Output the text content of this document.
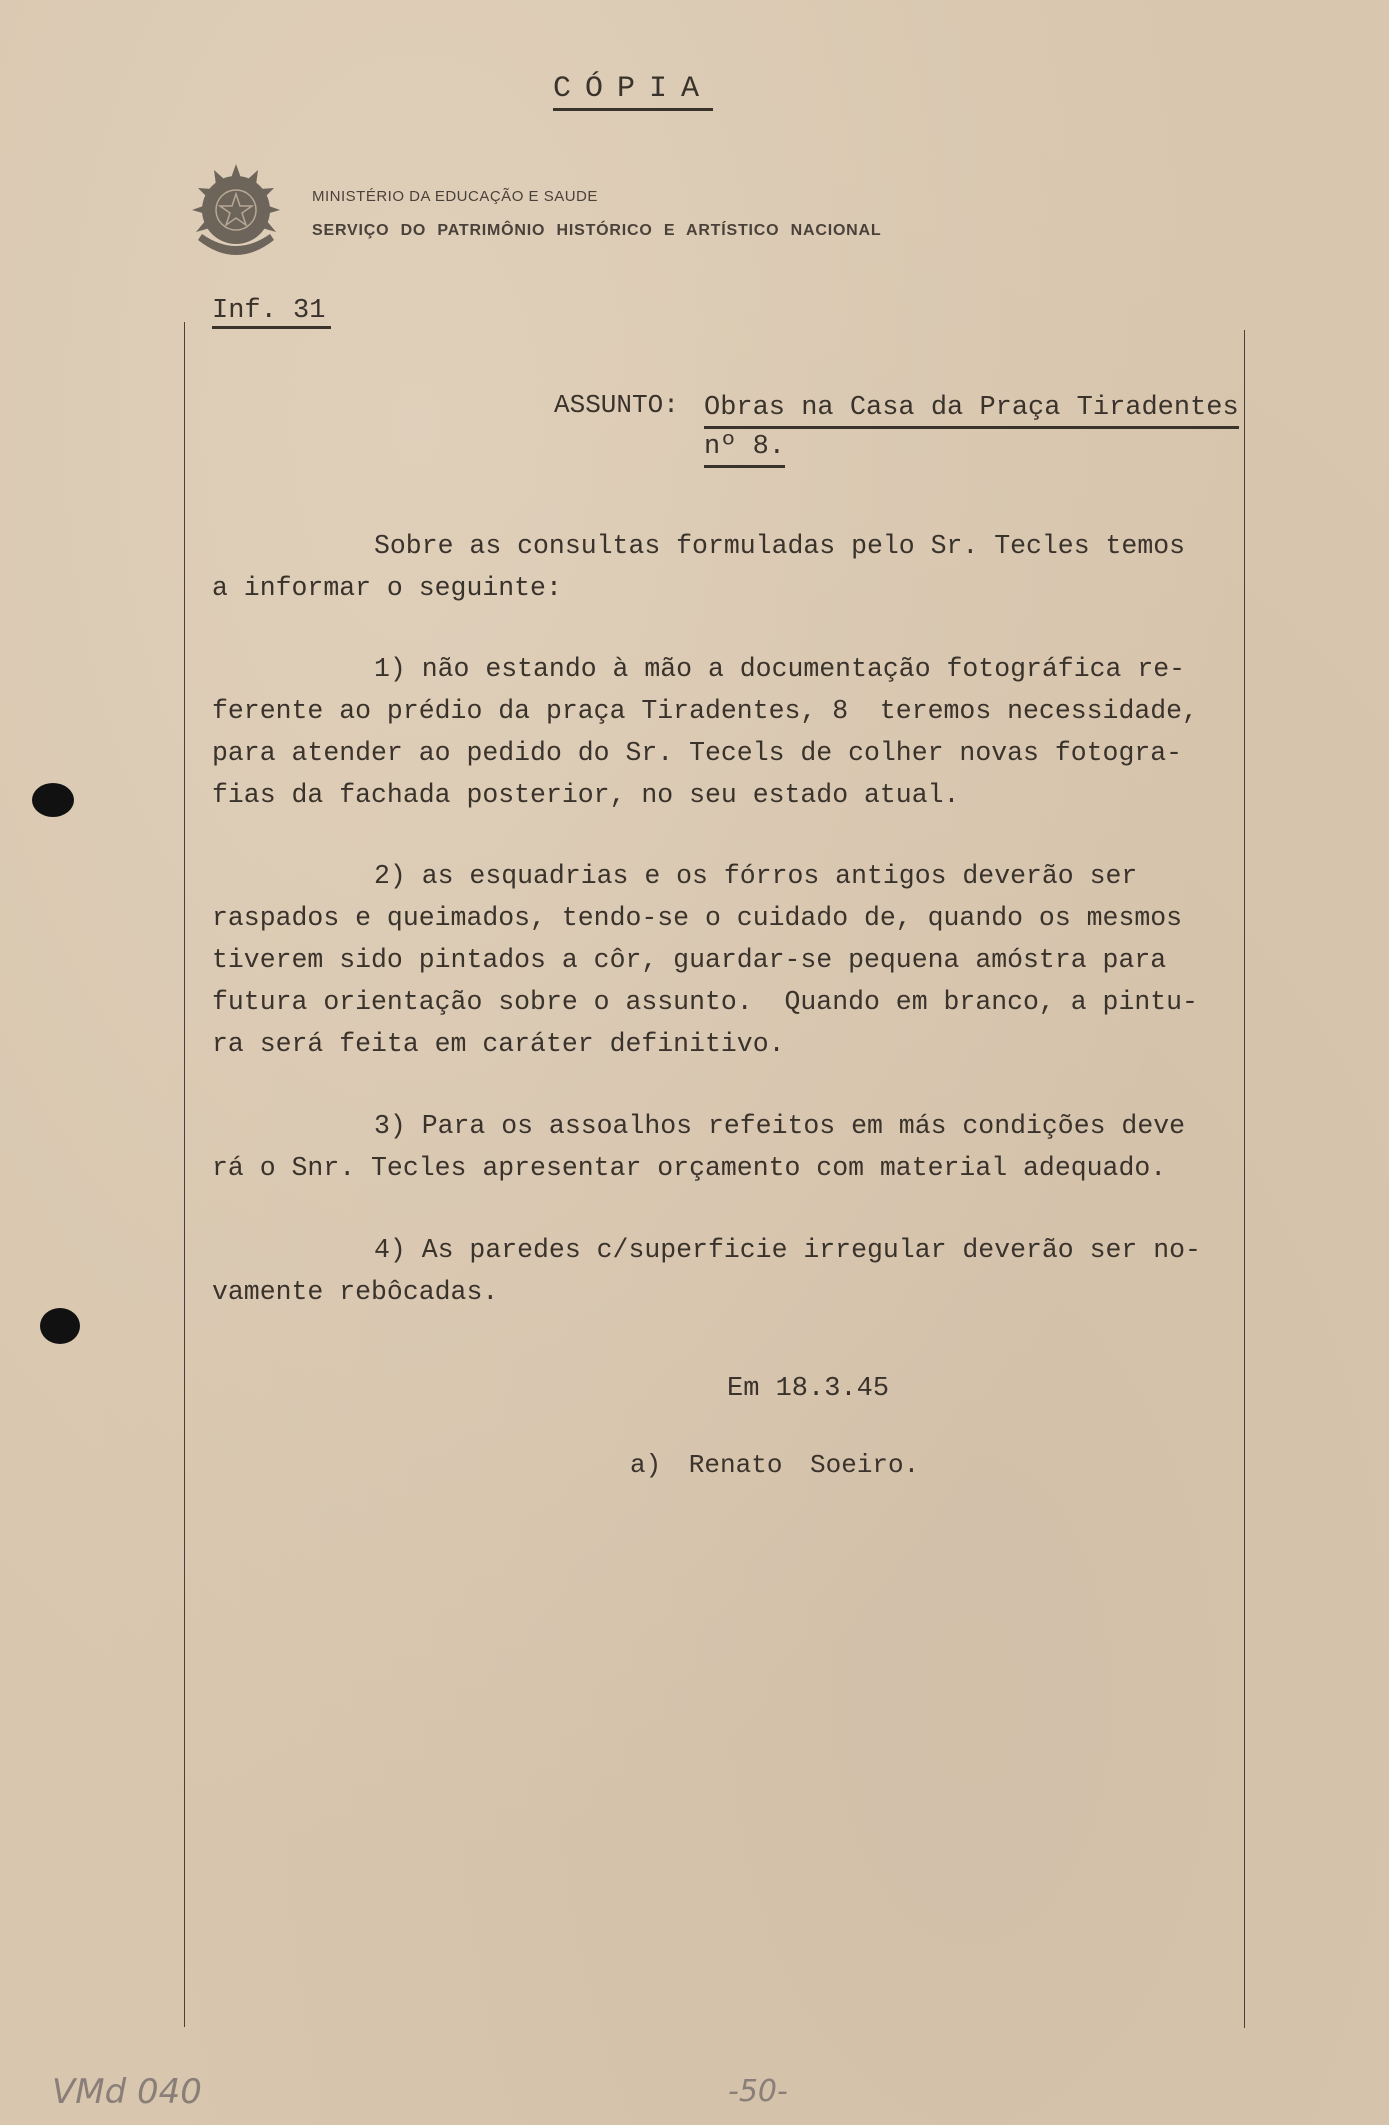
CÓPIA
MINISTÉRIO DA EDUCAÇÃO E SAUDE
SERVIÇO DO PATRIMÔNIO HISTÓRICO E ARTÍSTICO NACIONAL
Inf. 31
ASSUNTO: Obras na Casa da Praça Tiradentes
nº 8.
Sobre as consultas formuladas pelo Sr. Tecles temos
a informar o seguinte:
1) não estando à mão a documentação fotográfica re-
ferente ao prédio da praça Tiradentes, 8  teremos necessidade,
para atender ao pedido do Sr. Tecels de colher novas fotogra-
fias da fachada posterior, no seu estado atual.
2) as esquadrias e os fórros antigos deverão ser
raspados e queimados, tendo-se o cuidado de, quando os mesmos
tiverem sido pintados a côr, guardar-se pequena amóstra para
futura orientação sobre o assunto.  Quando em branco, a pintu-
ra será feita em caráter definitivo.
3) Para os assoalhos refeitos em más condições deve
rá o Snr. Tecles apresentar orçamento com material adequado.
4) As paredes c/superficie irregular deverão ser no-
vamente rebôcadas.
Em 18.3.45
a) Renato Soeiro.
VMd 040	-50-
